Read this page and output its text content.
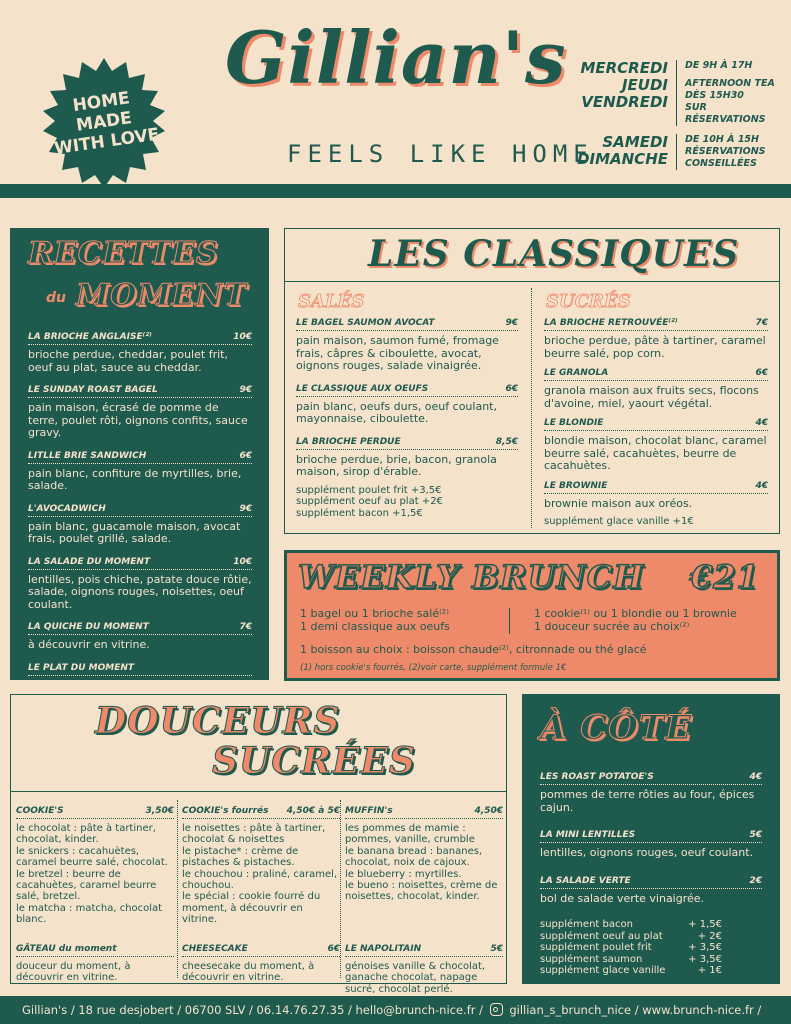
Gillian's
FEELS LIKE HOME
HOME MADE WITH LOVE
MERCREDI
JEUDI
VENDREDI
DE 9H À 17H
AFTERNOON TEA
DÈS 15H30
SUR RÉSERVATIONS
SAMEDI
DIMANCHE
DE 10H À 15H
RÉSERVATIONS
CONSEILLÉES
RECETTES
du MOMENT
LA BRIOCHE ANGLAISE⁽²⁾	10€
brioche perdue, cheddar, poulet frit, oeuf au plat, sauce au cheddar.
LE SUNDAY ROAST BAGEL	9€
pain maison, écrasé de pomme de terre, poulet rôti, oignons confits, sauce gravy.
LITLLE BRIE SANDWICH	6€
pain blanc, confiture de myrtilles, brie, salade.
L'AVOCADWICH	9€
pain blanc, guacamole maison, avocat frais, poulet grillé, salade.
LA SALADE DU MOMENT	10€
lentilles, pois chiche, patate douce rôtie, salade, oignons rouges, noisettes, oeuf coulant.
LA QUICHE DU MOMENT	7€
à découvrir en vitrine.
LE PLAT DU MOMENT
à découvrir en vitrine.
LES CLASSIQUES
SALÉS	SUCRÉS
LE BAGEL SAUMON AVOCAT	9€
pain maison, saumon fumé, fromage frais, câpres & ciboulette, avocat, oignons rouges, salade vinaigrée.
LE CLASSIQUE AUX OEUFS	6€
pain blanc, oeufs durs, oeuf coulant, mayonnaise, ciboulette.
LA BRIOCHE PERDUE	8,5€
brioche perdue, brie, bacon, granola maison, sirop d'érable.
supplément poulet frit +3,5€
supplément oeuf au plat +2€
supplément bacon +1,5€
LA BRIOCHE RETROUVÉE⁽²⁾	7€
brioche perdue, pâte à tartiner, caramel beurre salé, pop corn.
LE GRANOLA	6€
granola maison aux fruits secs, flocons d'avoine, miel, yaourt végétal.
LE BLONDIE	4€
blondie maison, chocolat blanc, caramel beurre salé, cacahuètes, beurre de cacahuètes.
LE BROWNIE	4€
brownie maison aux oréos.
supplément glace vanille +1€
WEEKLY BRUNCH €21
1 bagel ou 1 brioche salé⁽²⁾
1 demi classique aux oeufs
1 cookie⁽¹⁾ ou 1 blondie ou 1 brownie
1 douceur sucrée au choix⁽²⁾
1 boisson au choix : boisson chaude⁽²⁾, citronnade ou thé glacé
(1) hors cookie's fourrés, (2)voir carte, supplément formule 1€
DOUCEURS
SUCRÉES
COOKIE'S	3,50€
le chocolat : pâte à tartiner, chocolat, kinder.
le snickers : cacahuètes, caramel beurre salé, chocolat.
le bretzel : beurre de cacahuètes, caramel beurre salé, bretzel.
le matcha : matcha, chocolat blanc.
GÂTEAU du moment
douceur du moment, à découvrir en vitrine.
COOKIE's fourrés 4,50€ à 5€
le noisettes : pâte à tartiner, chocolat & noisettes
le pistache* : crème de pistaches & pistaches.
le chouchou : praliné, caramel, chouchou.
le spécial : cookie fourré du moment, à découvrir en vitrine.
CHEESECAKE	6€
cheesecake du moment, à découvrir en vitrine.
MUFFIN's	4,50€
les pommes de mamie : pommes, vanille, crumble
le banana bread : bananes, chocolat, noix de cajoux.
le blueberry : myrtilles.
le bueno : noisettes, crème de noisettes, chocolat, kinder.
LE NAPOLITAIN	5€
génoises vanille & chocolat, ganache chocolat, napage sucré, chocolat perlé.
À CÔTÉ
LES ROAST POTATOE'S	4€
pommes de terre rôties au four, épices cajun.
LA MINI LENTILLES	5€
lentilles, oignons rouges, oeuf coulant.
LA SALADE VERTE	2€
bol de salade verte vinaigrée.
supplément bacon	+ 1,5€
supplément oeuf au plat	+ 2€
supplément poulet frit	+ 3,5€
supplément saumon	+ 3,5€
supplément glace vanille	+ 1€
Gillian's / 18 rue desjobert / 06700 SLV / 06.14.76.27.35 / hello@brunch-nice.fr / gillian_s_brunch_nice / www.brunch-nice.fr /
